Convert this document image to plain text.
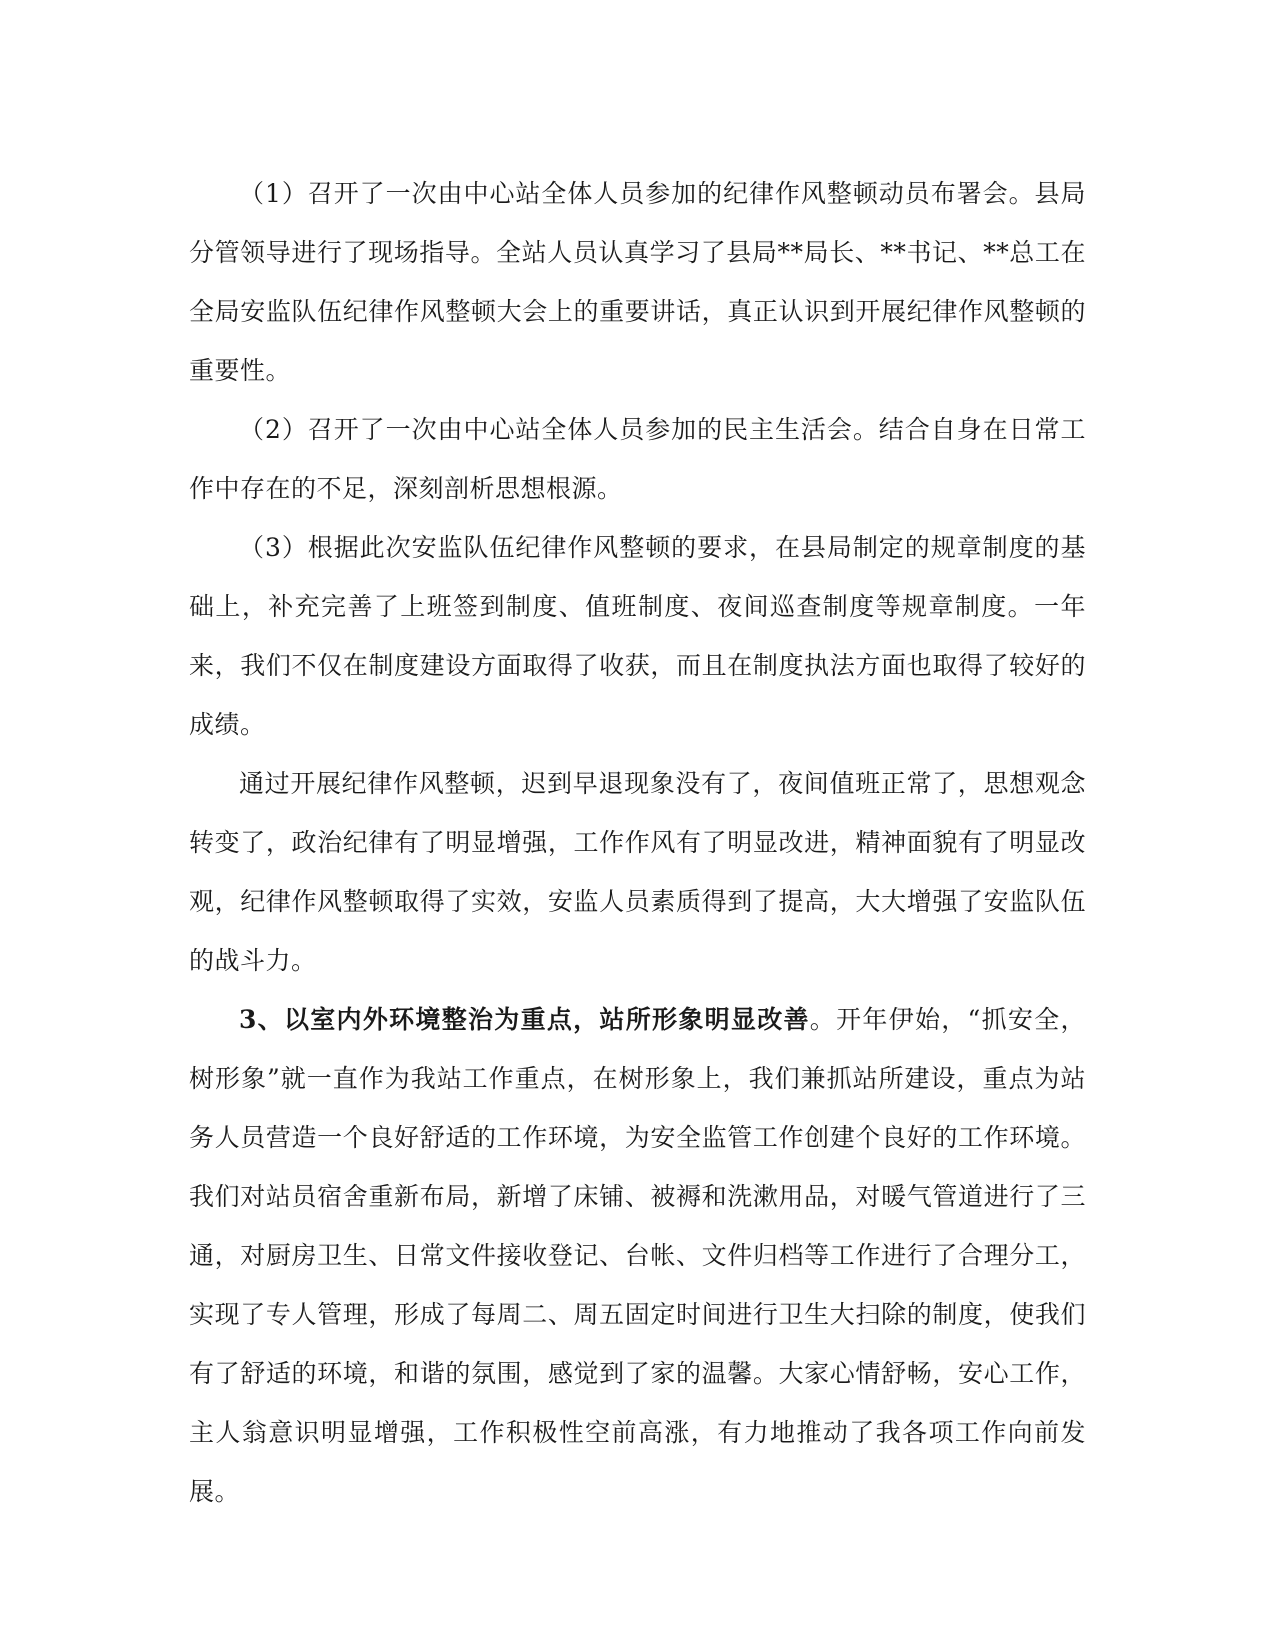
（1）召开了一次由中心站全体人员参加的纪律作风整顿动员布署会。县局分管领导进行了现场指导。全站人员认真学习了县局**局长、**书记、**总工在全局安监队伍纪律作风整顿大会上的重要讲话，真正认识到开展纪律作风整顿的重要性。

（2）召开了一次由中心站全体人员参加的民主生活会。结合自身在日常工作中存在的不足，深刻剖析思想根源。

（3）根据此次安监队伍纪律作风整顿的要求，在县局制定的规章制度的基础上，补充完善了上班签到制度、值班制度、夜间巡查制度等规章制度。一年来，我们不仅在制度建设方面取得了收获，而且在制度执法方面也取得了较好的成绩。

通过开展纪律作风整顿，迟到早退现象没有了，夜间值班正常了，思想观念转变了，政治纪律有了明显增强，工作作风有了明显改进，精神面貌有了明显改观，纪律作风整顿取得了实效，安监人员素质得到了提高，大大增强了安监队伍的战斗力。

3、以室内外环境整治为重点，站所形象明显改善。开年伊始，“抓安全，树形象”就一直作为我站工作重点，在树形象上，我们兼抓站所建设，重点为站务人员营造一个良好舒适的工作环境，为安全监管工作创建个良好的工作环境。我们对站员宿舍重新布局，新增了床铺、被褥和洗漱用品，对暖气管道进行了三通，对厨房卫生、日常文件接收登记、台帐、文件归档等工作进行了合理分工，实现了专人管理，形成了每周二、周五固定时间进行卫生大扫除的制度，使我们有了舒适的环境，和谐的氛围，感觉到了家的温馨。大家心情舒畅，安心工作，主人翁意识明显增强，工作积极性空前高涨，有力地推动了我各项工作向前发展。
